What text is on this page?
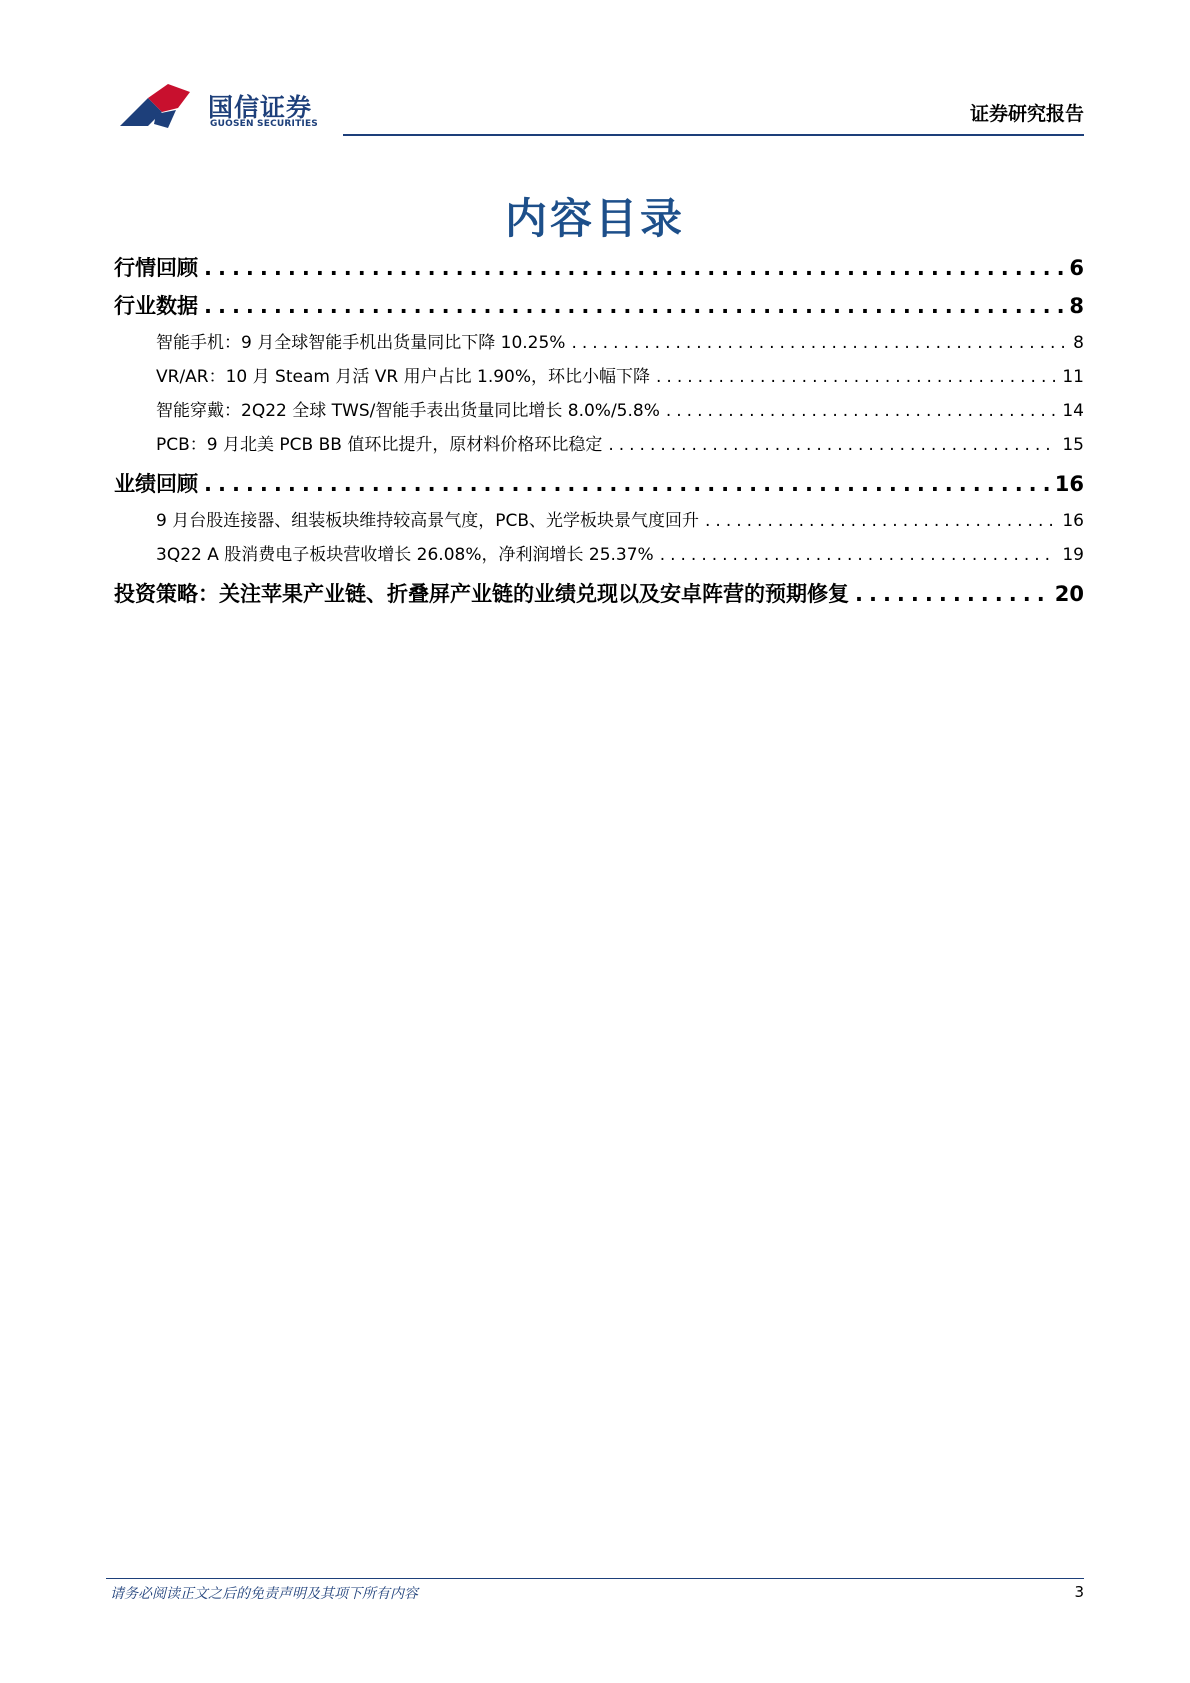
国信证券
GUOSEN SECURITIES	证券研究报告
内容目录
行情回顾 .....	6
行业数据 .....	8
智能手机：9 月全球智能手机出货量同比下降 10.25% .....	8
VR/AR：10 月 Steam 月活 VR 用户占比 1.90%，环比小幅下降 .....	11
智能穿戴：2Q22 全球 TWS/智能手表出货量同比增长 8.0%/5.8% .....	14
PCB：9 月北美 PCB BB 值环比提升，原材料价格环比稳定 .....	15
业绩回顾 .....	16
9 月台股连接器、组装板块维持较高景气度，PCB、光学板块景气度回升 .....	16
3Q22 A 股消费电子板块营收增长 26.08%，净利润增长 25.37% .....	19
投资策略：关注苹果产业链、折叠屏产业链的业绩兑现以及安卓阵营的预期修复 .....	20
请务必阅读正文之后的免责声明及其项下所有内容	3
